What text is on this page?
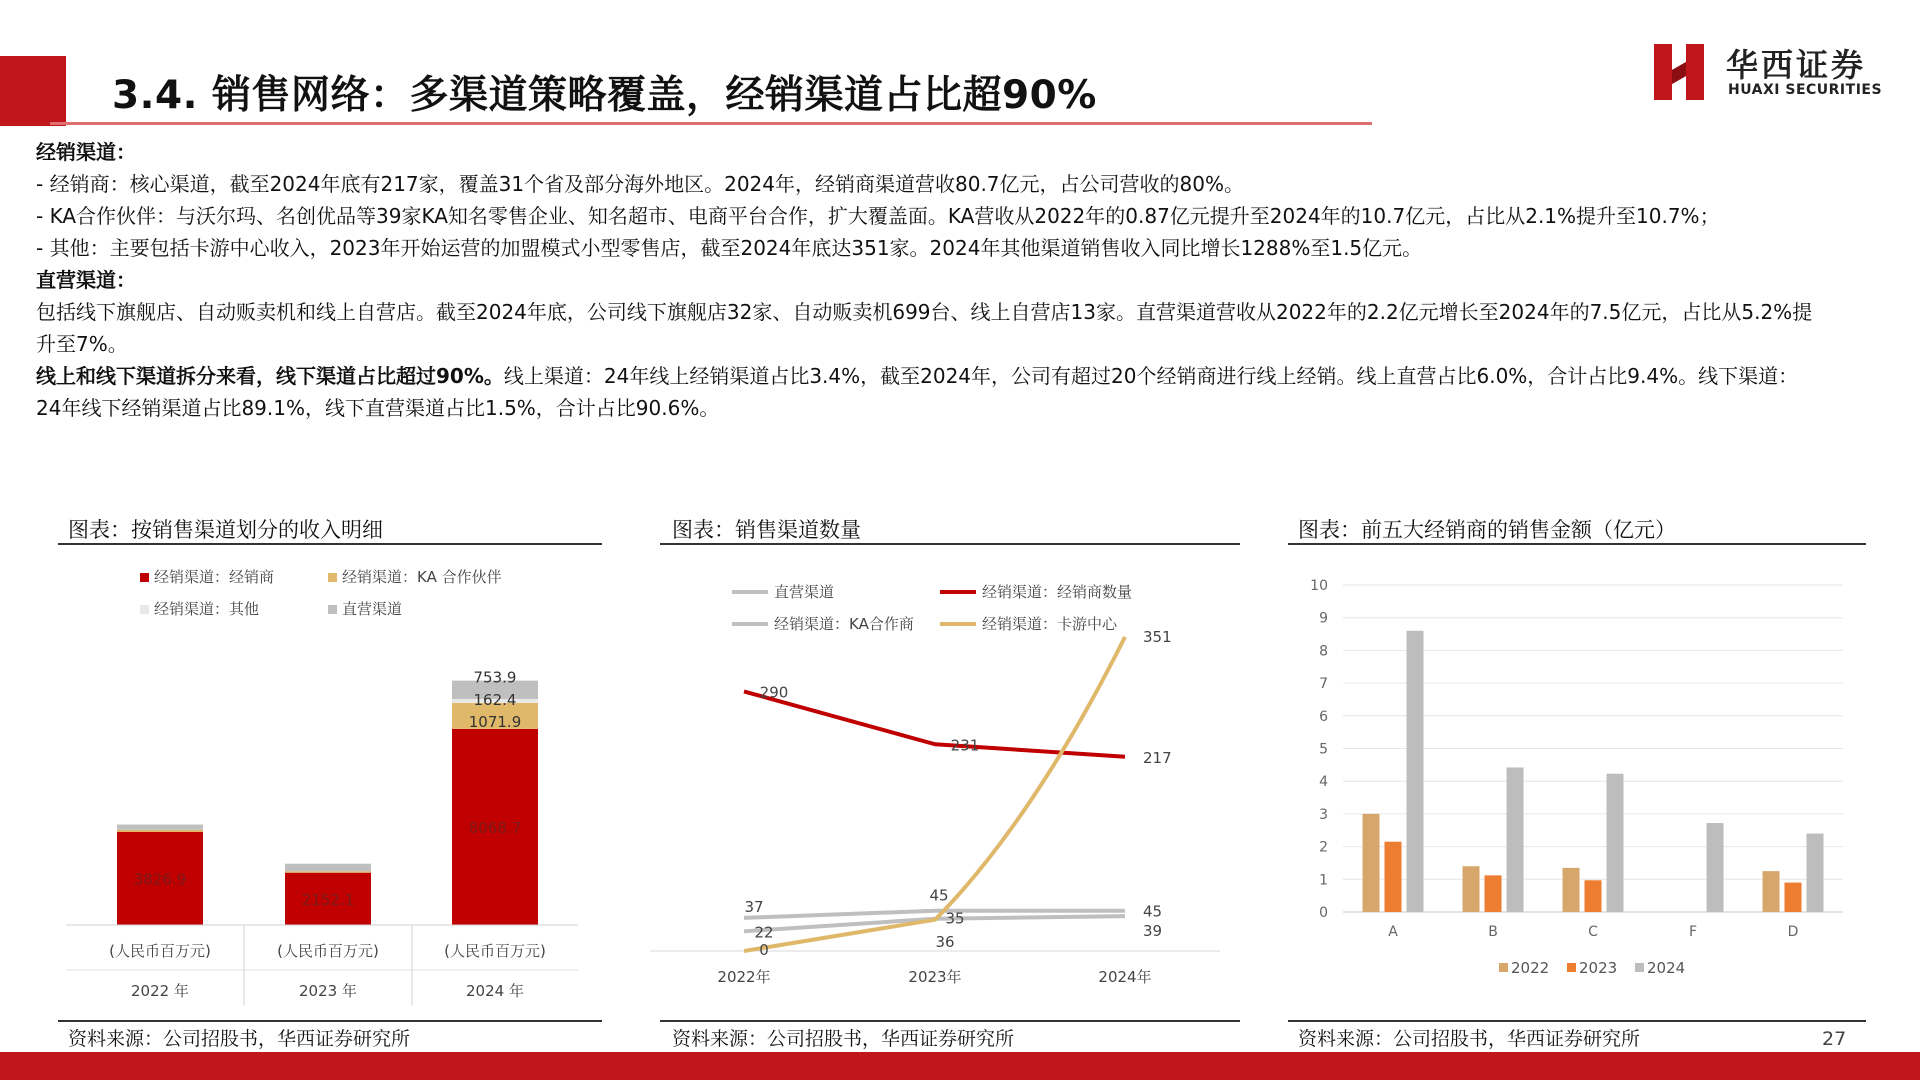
3.4. 销售网络：多渠道策略覆盖，经销渠道占比超90%
华西证券
HUAXI SECURITIES

经销渠道：

- 经销商：核心渠道，截至2024年底有217家，覆盖31个省及部分海外地区。2024年，经销商渠道营收80.7亿元，占公司营收的80%。

- KA合作伙伴：与沃尔玛、名创优品等39家KA知名零售企业、知名超市、电商平台合作，扩大覆盖面。KA营收从2022年的0.87亿元提升至2024年的10.7亿元，占比从2.1%提升至10.7%；

- 其他：主要包括卡游中心收入，2023年开始运营的加盟模式小型零售店，截至2024年底达351家。2024年其他渠道销售收入同比增长1288%至1.5亿元。

直营渠道：

包括线下旗舰店、自动贩卖机和线上自营店。截至2024年底，公司线下旗舰店32家、自动贩卖机699台、线上自营店13家。直营渠道营收从2022年的2.2亿元增长至2024年的7.5亿元，占比从5.2%提升至7%。

线上和线下渠道拆分来看，线下渠道占比超过90%。线上渠道：24年线上经销渠道占比3.4%，截至2024年，公司有超过20个经销商进行线上经销。线上直营占比6.0%，合计占比9.4%。线下渠道：24年线下经销渠道占比89.1%，线下直营渠道占比1.5%，合计占比90.6%。

图表：按销售渠道划分的收入明细
经销渠道：经销商	经销渠道：KA 合作伙伴
经销渠道：其他	直营渠道
3826.9
2152.1
8068.7
1071.9
162.4
753.9
(人民币百万元)
2022 年
(人民币百万元)
2023 年
(人民币百万元)
2024 年
资料来源：公司招股书，华西证券研究所
图表：销售渠道数量
直营渠道	经销渠道：经销商数量
经销渠道：KA合作商	经销渠道：卡游中心
37
45
45
290
231
217
22
36
39
0
35
351
2022年	2023年	2024年
资料来源：公司招股书，华西证券研究所
图表：前五大经销商的销售金额（亿元）
0
1
2
3
4
5
6
7
8
9
10
A	B	C	F	D
2022 2023 2024
资料来源：公司招股书，华西证券研究所	27
